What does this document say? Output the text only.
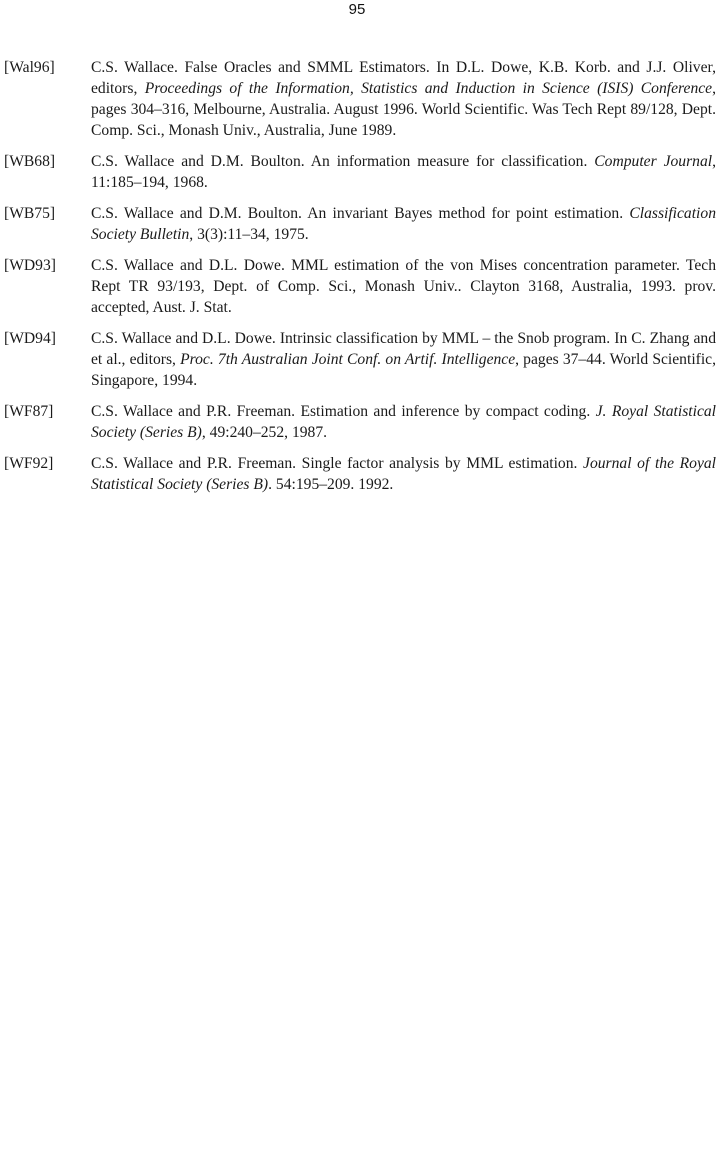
95
[Wal96] C.S. Wallace. False Oracles and SMML Estimators. In D.L. Dowe, K.B. Korb. and J.J. Oliver, editors, Proceedings of the Information, Statistics and Induction in Science (ISIS) Conference, pages 304–316, Melbourne, Australia. August 1996. World Scientific. Was Tech Rept 89/128, Dept. Comp. Sci., Monash Univ., Australia, June 1989.
[WB68] C.S. Wallace and D.M. Boulton. An information measure for classification. Computer Journal, 11:185–194, 1968.
[WB75] C.S. Wallace and D.M. Boulton. An invariant Bayes method for point estimation. Classification Society Bulletin, 3(3):11–34, 1975.
[WD93] C.S. Wallace and D.L. Dowe. MML estimation of the von Mises concentration parameter. Tech Rept TR 93/193, Dept. of Comp. Sci., Monash Univ.. Clayton 3168, Australia, 1993. prov. accepted, Aust. J. Stat.
[WD94] C.S. Wallace and D.L. Dowe. Intrinsic classification by MML – the Snob program. In C. Zhang and et al., editors, Proc. 7th Australian Joint Conf. on Artif. Intelligence, pages 37–44. World Scientific, Singapore, 1994.
[WF87] C.S. Wallace and P.R. Freeman. Estimation and inference by compact coding. J. Royal Statistical Society (Series B), 49:240–252, 1987.
[WF92] C.S. Wallace and P.R. Freeman. Single factor analysis by MML estimation. Journal of the Royal Statistical Society (Series B). 54:195–209. 1992.
